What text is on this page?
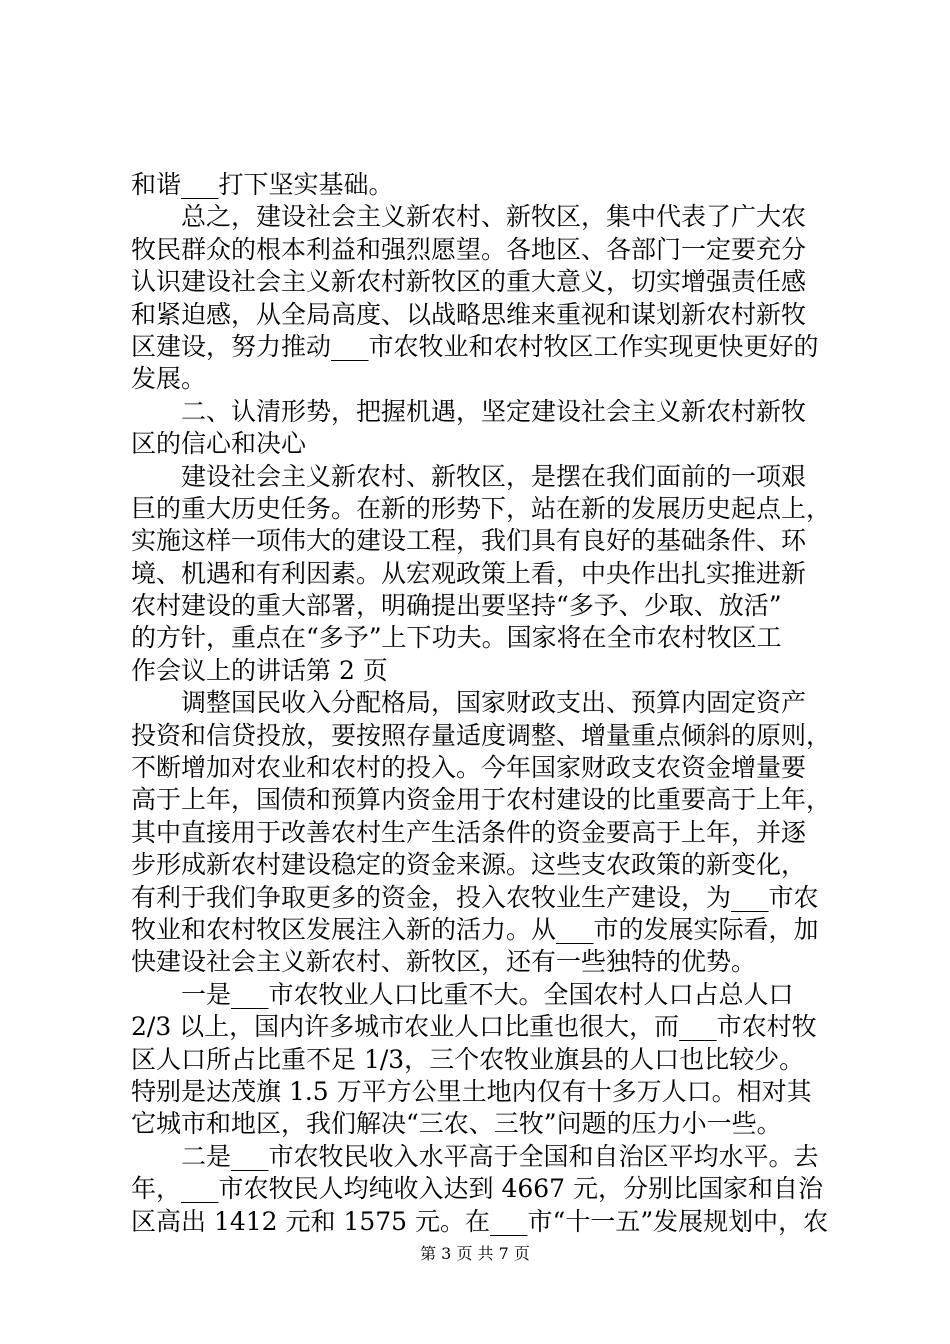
和谐___打下坚实基础。
　　总之，建设社会主义新农村、新牧区，集中代表了广大农
牧民群众的根本利益和强烈愿望。各地区、各部门一定要充分
认识建设社会主义新农村新牧区的重大意义，切实增强责任感
和紧迫感，从全局高度、以战略思维来重视和谋划新农村新牧
区建设，努力推动___市农牧业和农村牧区工作实现更快更好的
发展。
　　二、认清形势，把握机遇，坚定建设社会主义新农村新牧
区的信心和决心
　　建设社会主义新农村、新牧区，是摆在我们面前的一项艰
巨的重大历史任务。在新的形势下，站在新的发展历史起点上，
实施这样一项伟大的建设工程，我们具有良好的基础条件、环
境、机遇和有利因素。从宏观政策上看，中央作出扎实推进新
农村建设的重大部署，明确提出要坚持“多予、少取、放活”
的方针，重点在“多予”上下功夫。国家将在全市农村牧区工
作会议上的讲话第 2 页
　　调整国民收入分配格局，国家财政支出、预算内固定资产
投资和信贷投放，要按照存量适度调整、增量重点倾斜的原则，
不断增加对农业和农村的投入。今年国家财政支农资金增量要
高于上年，国债和预算内资金用于农村建设的比重要高于上年，
其中直接用于改善农村生产生活条件的资金要高于上年，并逐
步形成新农村建设稳定的资金来源。这些支农政策的新变化，
有利于我们争取更多的资金，投入农牧业生产建设，为___市农
牧业和农村牧区发展注入新的活力。从___市的发展实际看，加
快建设社会主义新农村、新牧区，还有一些独特的优势。
　　一是___市农牧业人口比重不大。全国农村人口占总人口
2/3 以上，国内许多城市农业人口比重也很大，而___市农村牧
区人口所占比重不足 1/3，三个农牧业旗县的人口也比较少。
特别是达茂旗 1.5 万平方公里土地内仅有十多万人口。相对其
它城市和地区，我们解决“三农、三牧”问题的压力小一些。
　　二是___市农牧民收入水平高于全国和自治区平均水平。去
年，___市农牧民人均纯收入达到 4667 元，分别比国家和自治
区高出 1412 元和 1575 元。在___市“十一五”发展规划中，农
第 3 页 共 7 页
